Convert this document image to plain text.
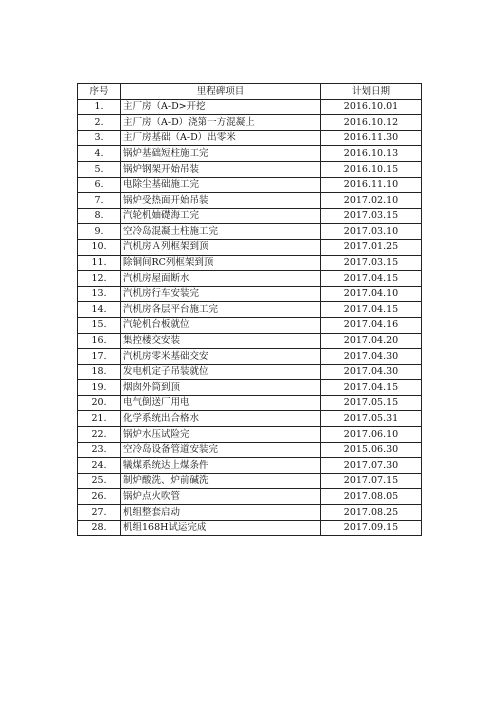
序号	里程碑项目	计划日期
1.	主厂房（A-D>开挖	2016.10.01
2.	主厂房（A-D）浇第一方混凝上	2016.10.12
3.	主厂房基础（A-D）出零米	2016.11.30
4.	锅炉基础短柱施工完	2016.10.13
5.	锅炉钢架开始吊装	2016.10.15
6.	电除尘基础施工完	2016.11.10
7.	锅炉受热面开始吊装	2017.02.10
8.	汽轮机妯礎海工完	2017.03.15
9.	空冷岛混凝土柱施工完	2017.03.10
10.	汽机房Ａ列框架到顶	2017.01.25
11.	除铜间RC列框架到顶	2017.03.15
12.	汽机房屋面断水	2017.04.15
13.	汽机房行车安装完	2017.04.10
14.	汽机房各层平台施工完	2017.04.15
15.	汽轮机台板就位	2017.04.16
16.	集控楼交安装	2017.04.20
17.	汽机房零米基础交安	2017.04.30
18.	发电机定子吊装就位	2017.04.30
19.	烟囱外筒到顶	2017.04.15
20.	电气倒送厂用电	2017.05.15
21.	化学系统出合格水	2017.05.31
22.	锅炉水压试险完	2017.06.10
23.	空冷岛设备管道安装完	2015.06.30
24.	犠煤系统达上煤条件	2017.07.30
25.	制炉酸洗、炉前碱洗	2017.07.15
26.	锅炉点火吹管	2017.08.05
27.	机组整套启动	2017.08.25
28.	机组168H试运完成	2017.09.15
